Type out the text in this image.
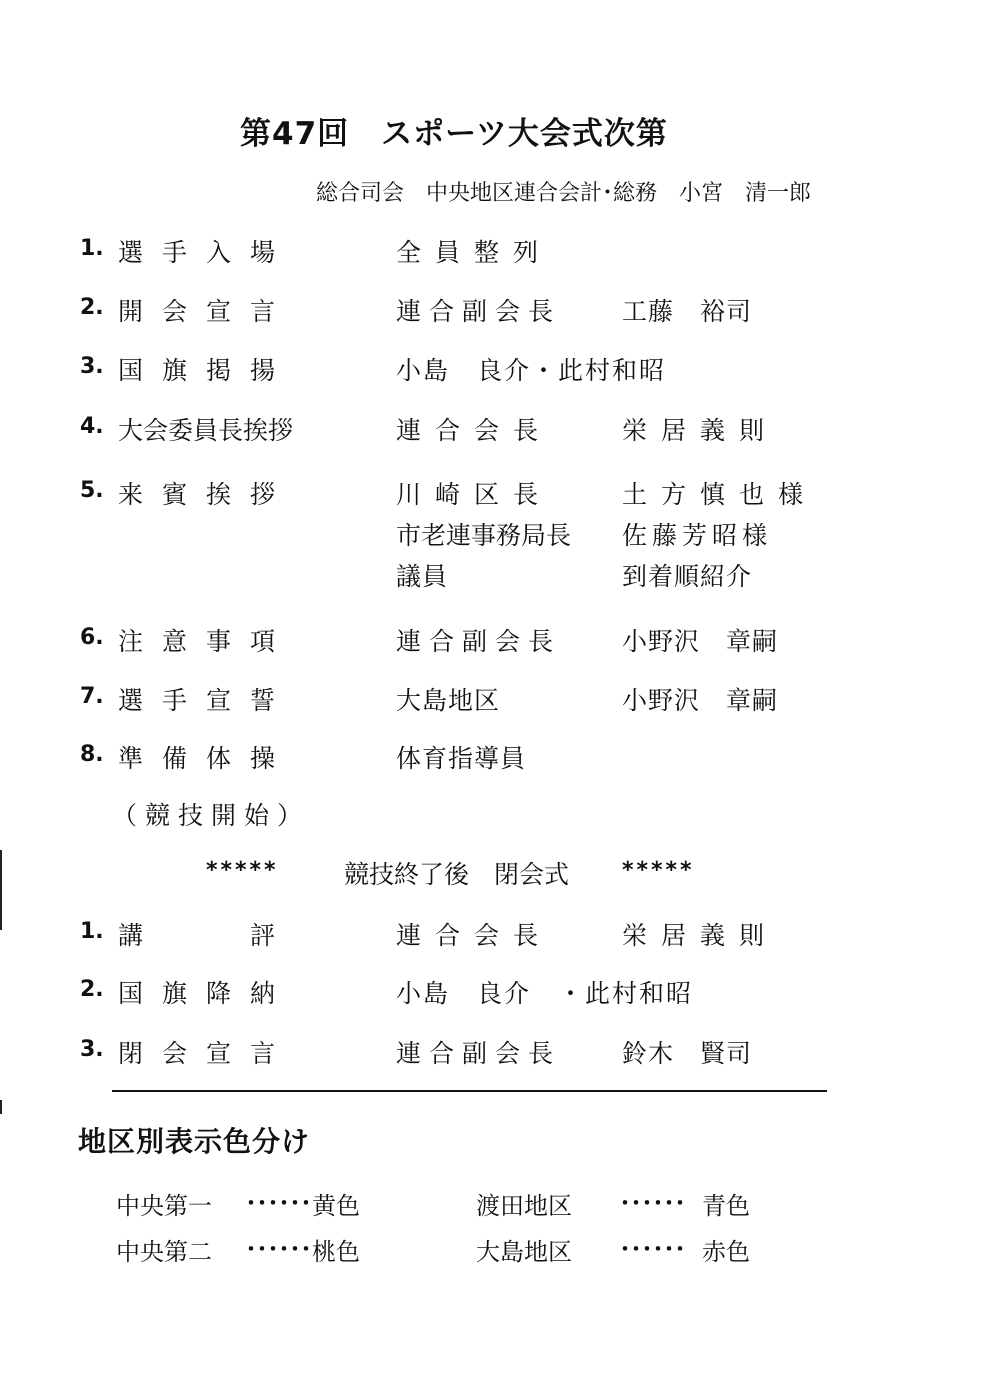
第47回　スポーツ大会式次第
総合司会　中央地区連合会計･総務　小宮　清一郎
1. 選手入場	全員整列
2. 開会宣言	連合副会長 工藤　裕司
3. 国旗掲揚	小島　良介・此村和昭
4. 大会委員長挨拶	連合会長	栄居義則
5. 来賓挨拶	川崎区長	土方慎也様
市老連事務局長 佐藤芳昭様
議員	到着順紹介
6. 注意事項	連合副会長 小野沢　章嗣
7. 選手宣誓	大島地区	小野沢　章嗣
8. 準備体操	体育指導員
（競技開始）
*****	競技終了後　閉会式 *****
1. 講　　評	連合会長	栄居義則
2. 国旗降納	小島　良介　・此村和昭
3. 閉会宣言	連合副会長 鈴木　賢司
地区別表示色分け
中央第一 ･･････ 黄色	渡田地区 ･･････ 青色
中央第二 ･･････ 桃色	大島地区 ･･････ 赤色
